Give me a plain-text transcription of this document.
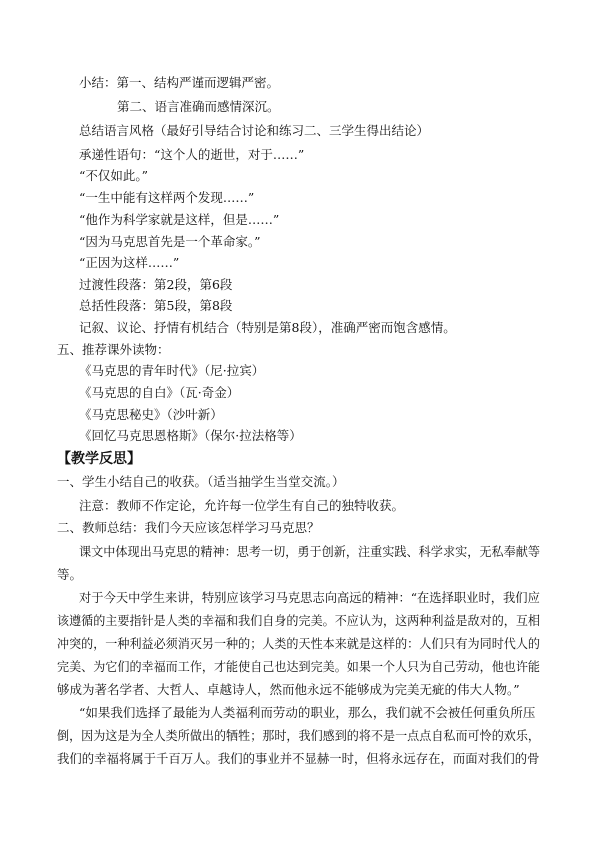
小结：第一、结构严谨而逻辑严密。
第二、语言准确而感情深沉。
总结语言风格（最好引导结合讨论和练习二、三学生得出结论）
承递性语句：“这个人的逝世，对于……”
“不仅如此。”
“一生中能有这样两个发现……”
“他作为科学家就是这样，但是……”
“因为马克思首先是一个革命家。”
“正因为这样……”
过渡性段落：第2段，第6段
总括性段落：第5段，第8段
记叙、议论、抒情有机结合（特别是第8段），准确严密而饱含感情。
五、推荐课外读物：
《马克思的青年时代》（尼·拉宾）
《马克思的自白》（瓦·奇金）
《马克思秘史》（沙叶新）
《回忆马克思恩格斯》（保尔·拉法格等）
【教学反思】
一、学生小结自己的收获。（适当抽学生当堂交流。）
注意：教师不作定论，允许每一位学生有自己的独特收获。
二、教师总结：我们今天应该怎样学习马克思？
课文中体现出马克思的精神：思考一切，勇于创新，注重实践、科学求实，无私奉献等
等。
对于今天中学生来讲，特别应该学习马克思志向高远的精神：“在选择职业时，我们应
该遵循的主要指针是人类的幸福和我们自身的完美。不应认为，这两种利益是敌对的，互相
冲突的，一种利益必须消灭另一种的；人类的天性本来就是这样的：人们只有为同时代人的
完美、为它们的幸福而工作，才能使自己也达到完美。如果一个人只为自己劳动，他也许能
够成为著名学者、大哲人、卓越诗人，然而他永远不能够成为完美无疵的伟大人物。”
“如果我们选择了最能为人类福利而劳动的职业，那么，我们就不会被任何重负所压
倒，因为这是为全人类所做出的牺牲；那时，我们感到的将不是一点点自私而可怜的欢乐，
我们的幸福将属于千百万人。我们的事业并不显赫一时，但将永远存在，而面对我们的骨
